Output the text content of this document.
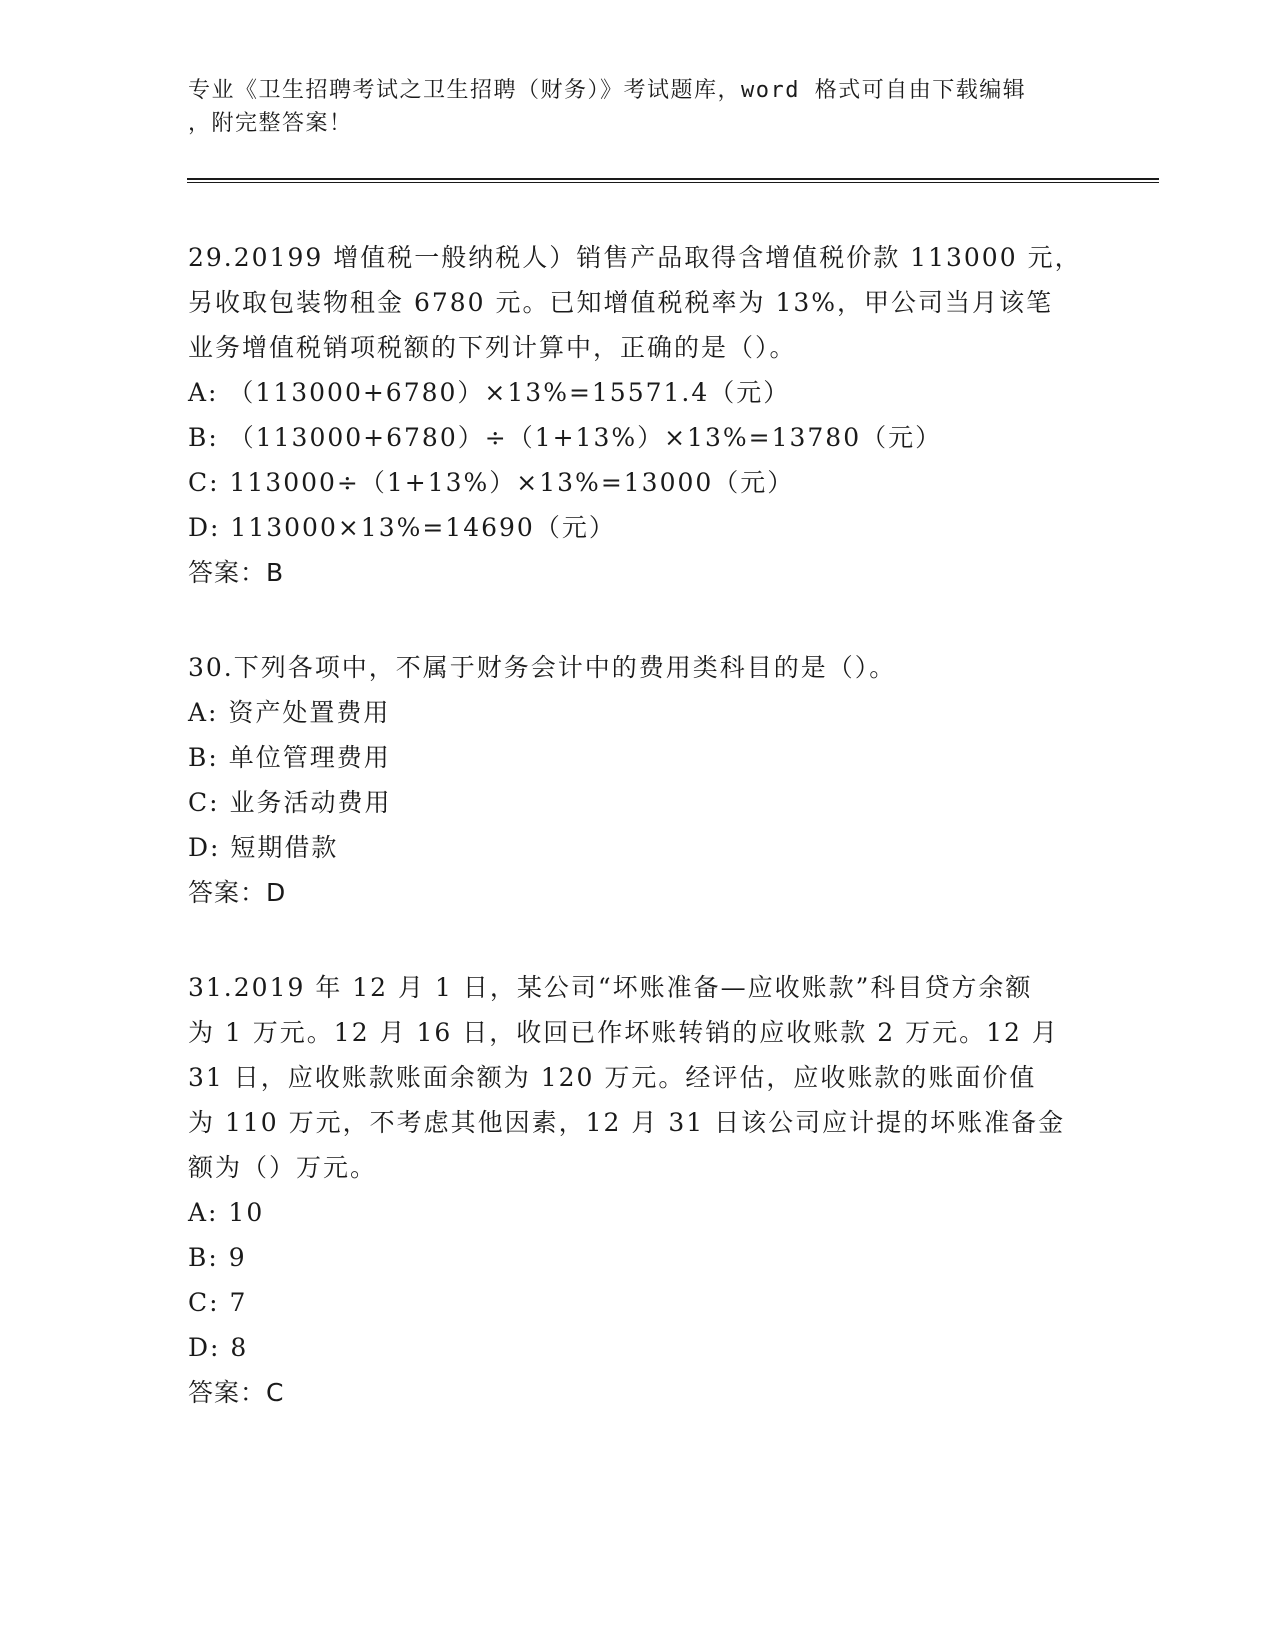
专业《卫生招聘考试之卫生招聘（财务）》考试题库，word 格式可自由下载编辑
，附完整答案！
29.20199 增值税一般纳税人）销售产品取得含增值税价款 113000 元，
另收取包装物租金 6780 元。已知增值税税率为 13%，甲公司当月该笔
业务增值税销项税额的下列计算中，正确的是（）。
A: （113000+6780）×13%=15571.4（元）
B: （113000+6780）÷（1+13%）×13%=13780（元）
C: 113000÷（1+13%）×13%=13000（元）
D: 113000×13%=14690（元）
答案：B
30.下列各项中，不属于财务会计中的费用类科目的是（）。
A: 资产处置费用
B: 单位管理费用
C: 业务活动费用
D: 短期借款
答案：D
31.2019 年 12 月 1 日，某公司“坏账准备—应收账款”科目贷方余额
为 1 万元。12 月 16 日，收回已作坏账转销的应收账款 2 万元。12 月
31 日，应收账款账面余额为 120 万元。经评估，应收账款的账面价值
为 110 万元，不考虑其他因素，12 月 31 日该公司应计提的坏账准备金
额为（）万元。
A: 10
B: 9
C: 7
D: 8
答案：C
